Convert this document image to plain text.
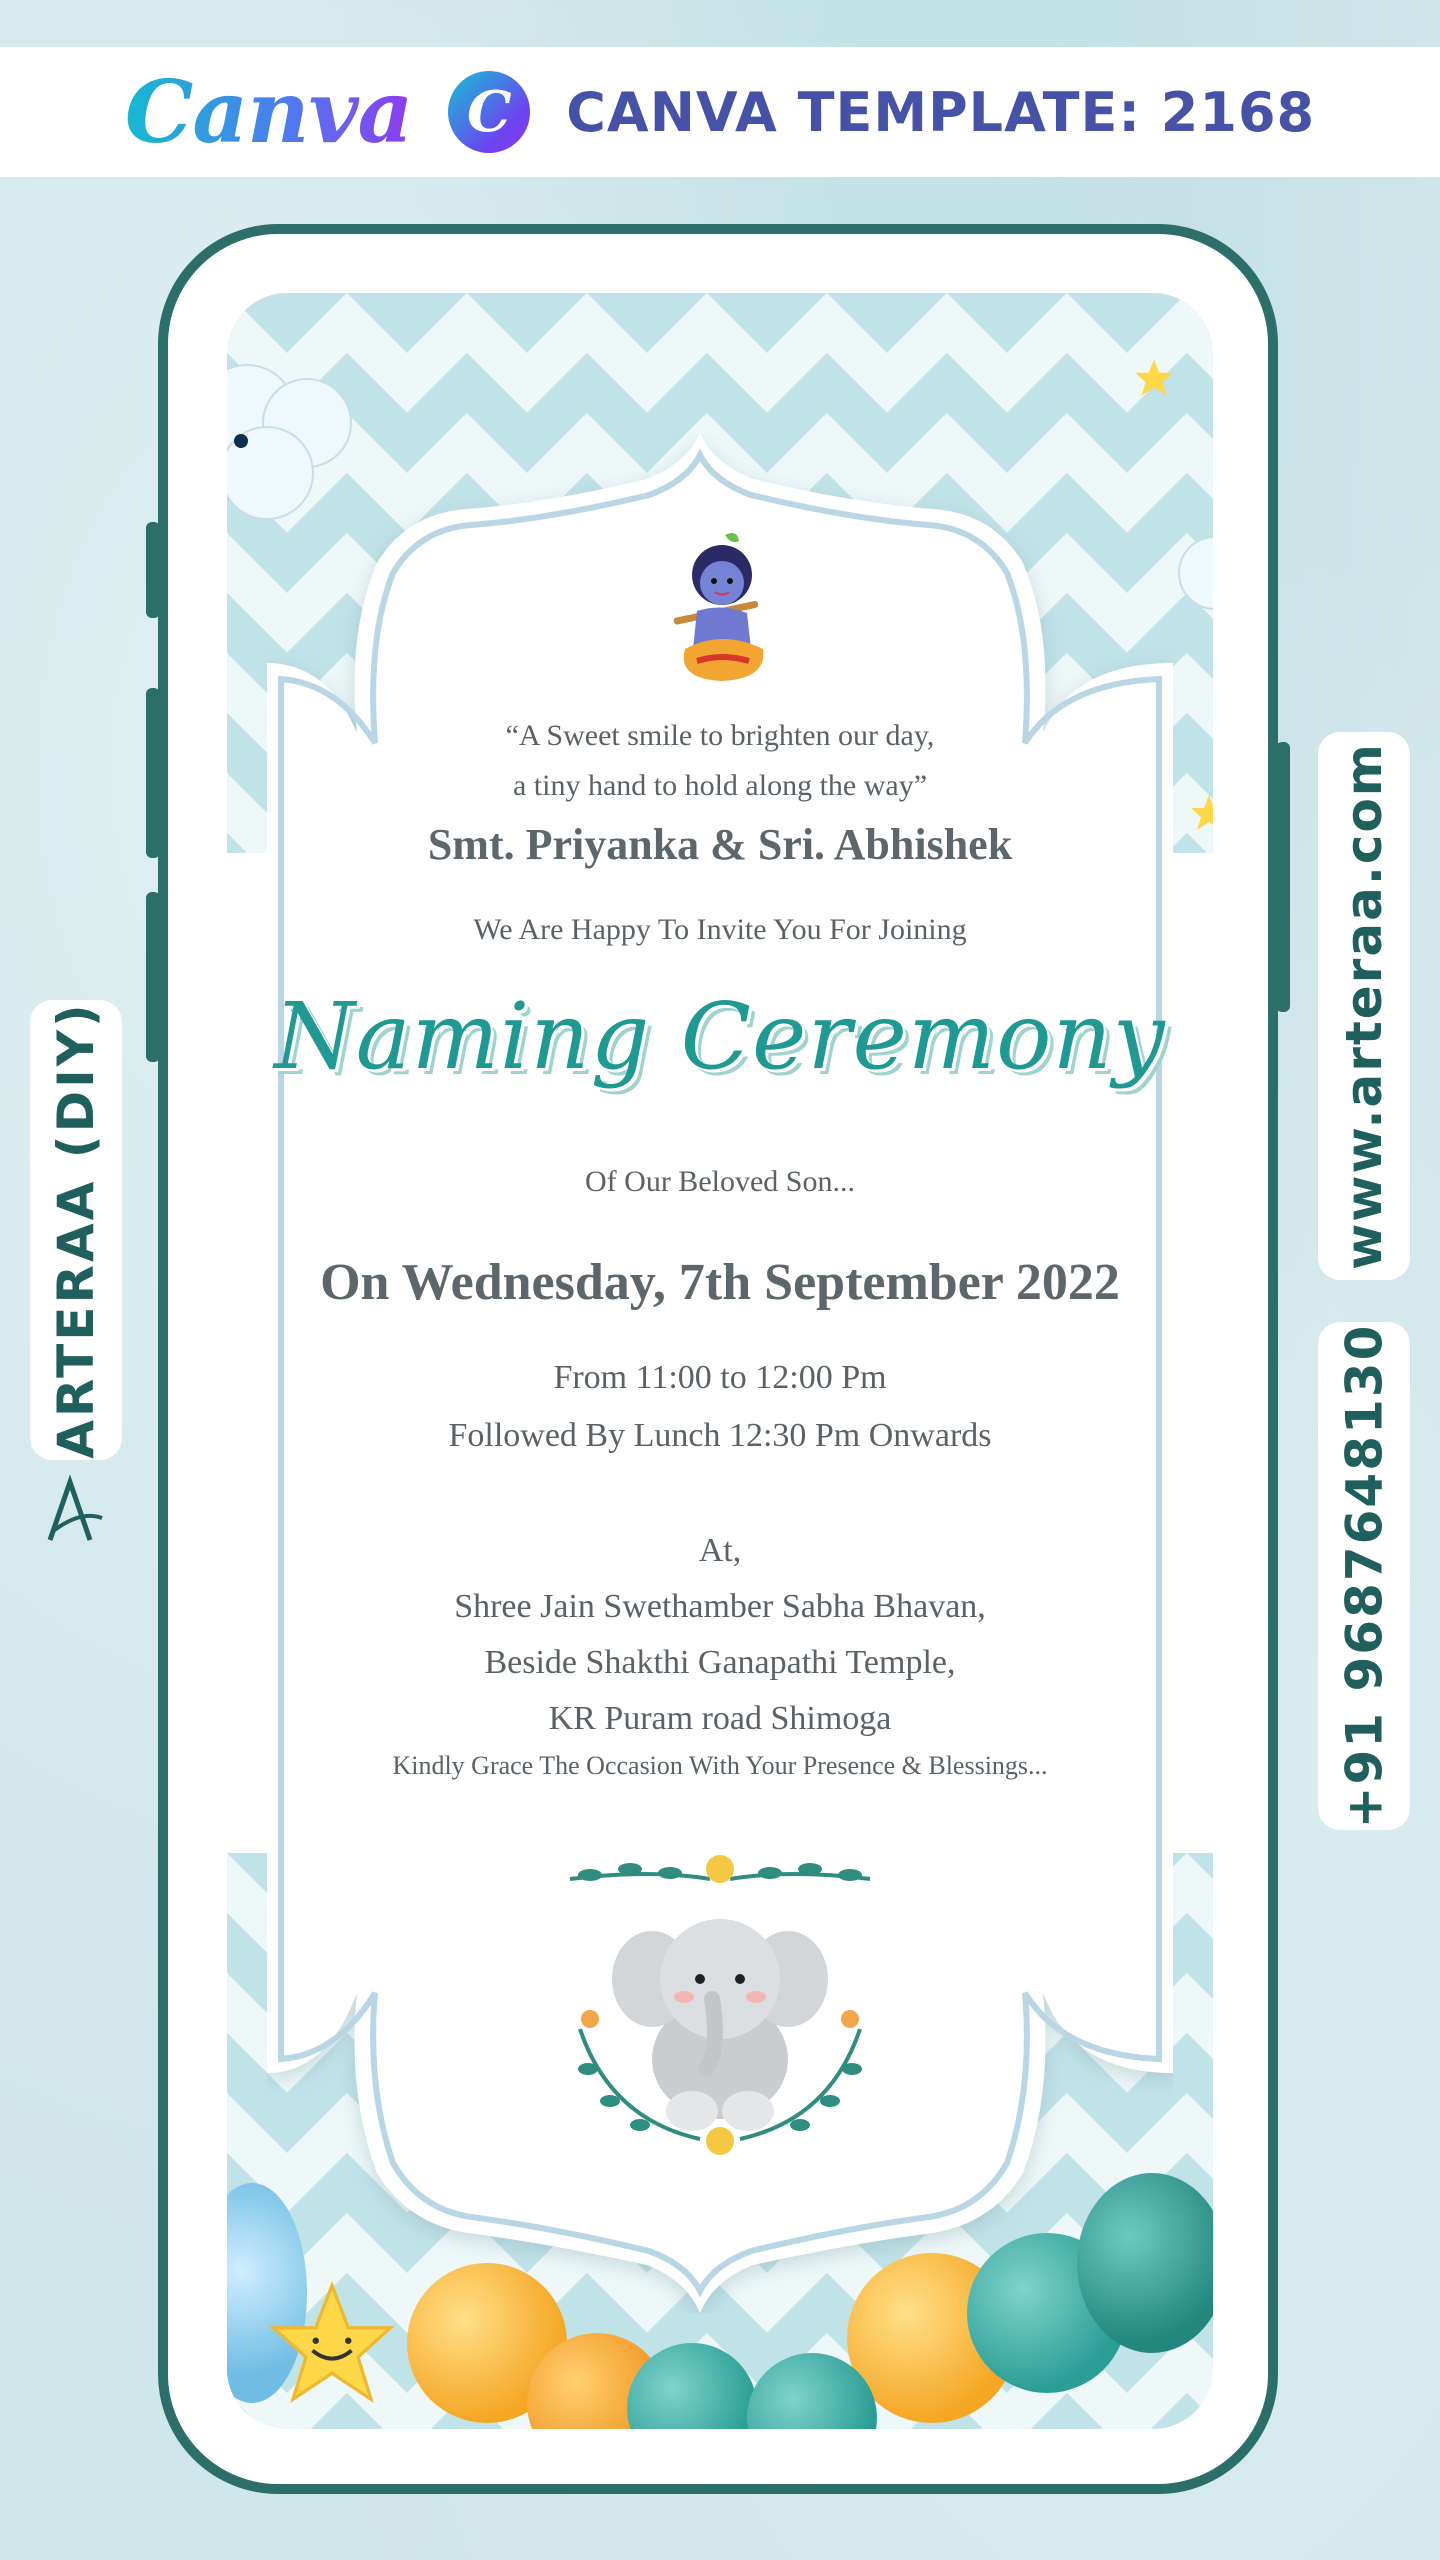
Canva C	CANVA TEMPLATE: 2168
ARTERAA (DIY)	www.arteraa.com
+91 9687648130
“A Sweet smile to brighten our day,
a tiny hand to hold along the way”
Smt. Priyanka & Sri. Abhishek
We Are Happy To Invite You For Joining
Naming Ceremony
Of Our Beloved Son...
On Wednesday, 7th September 2022
From 11:00 to 12:00 Pm
Followed By Lunch 12:30 Pm Onwards
At,
Shree Jain Swethamber Sabha Bhavan,
Beside Shakthi Ganapathi Temple,
KR Puram road Shimoga
Kindly Grace The Occasion With Your Presence & Blessings...
